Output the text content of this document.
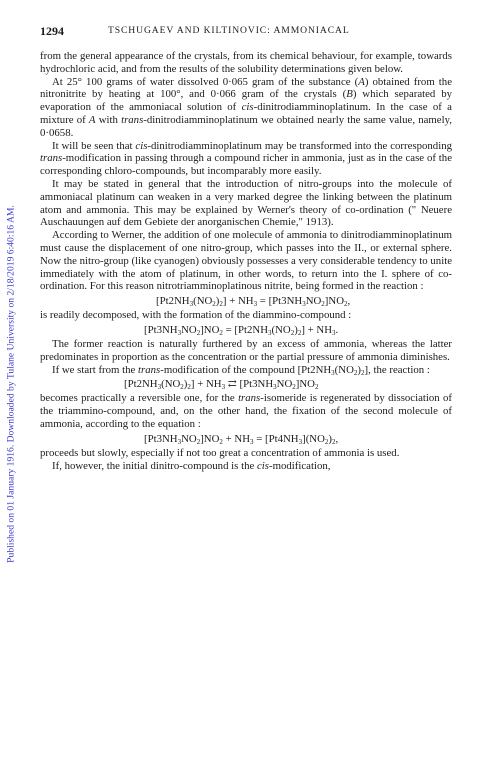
Published on 01 January 1916. Downloaded by Tulane University on 2/18/2019 6:40:16 AM.
1294	TSCHUGAEV AND KILTINOVIC: AMMONIACAL

from the general appearance of the crystals, from its chemical behaviour, for example, towards hydrochloric acid, and from the results of the solubility determinations given below.

At 25° 100 grams of water dissolved 0·065 gram of the substance (A) obtained from the nitronitrite by heating at 100°, and 0·066 gram of the crystals (B) which separated by evaporation of the ammoniacal solution of cis-dinitrodiamminoplatinum. In the case of a mixture of A with trans-dinitrodiamminoplatinum we obtained nearly the same value, namely, 0·0658.

It will be seen that cis-dinitrodiamminoplatinum may be transformed into the corresponding trans-modification in passing through a compound richer in ammonia, just as in the case of the corresponding chloro-compounds, but incomparably more easily.

It may be stated in general that the introduction of nitro-groups into the molecule of ammoniacal platinum can weaken in a very marked degree the linking between the platinum atom and ammonia. This may be explained by Werner's theory of co-ordination (" Neuere Auschauungen auf dem Gebiete der anorganischen Chemie," 1913).

According to Werner, the addition of one molecule of ammonia to dinitrodiamminoplatinum must cause the displacement of one nitro-group, which passes into the II., or external sphere. Now the nitro-group (like cyanogen) obviously possesses a very considerable tendency to unite immediately with the atom of platinum, in other words, to return into the I. sphere of co-ordination. For this reason nitrotriamminoplatinous nitrite, being formed in the reaction :

$[Pt2NH_3(NO_2)_2] + NH_3 = [Pt3NH_3NO_2]NO_2$,

is readily decomposed, with the formation of the diammino-compound :

$[Pt3NH_3NO_2]NO_2 = [Pt2NH_3(NO_2)_2] + NH_3$.

The former reaction is naturally furthered by an excess of ammonia, whereas the latter predominates in proportion as the concentration or the partial pressure of ammonia diminishes.

If we start from the trans-modification of the compound $[Pt2NH_3(NO_2)_2]$, the reaction :

$[Pt2NH_3(NO_2)_2] + NH_3$ ⇄ $[Pt3NH_3NO_2]NO_2$

becomes practically a reversible one, for the trans-isomeride is regenerated by dissociation of the triammino-compound, and, on the other hand, the fixation of the second molecule of ammonia, according to the equation :

$[Pt3NH_3NO_2]NO_2 + NH_3 = [Pt4NH_3](NO_2)_2$,

proceeds but slowly, especially if not too great a concentration of ammonia is used.

If, however, the initial dinitro-compound is the cis-modification,
